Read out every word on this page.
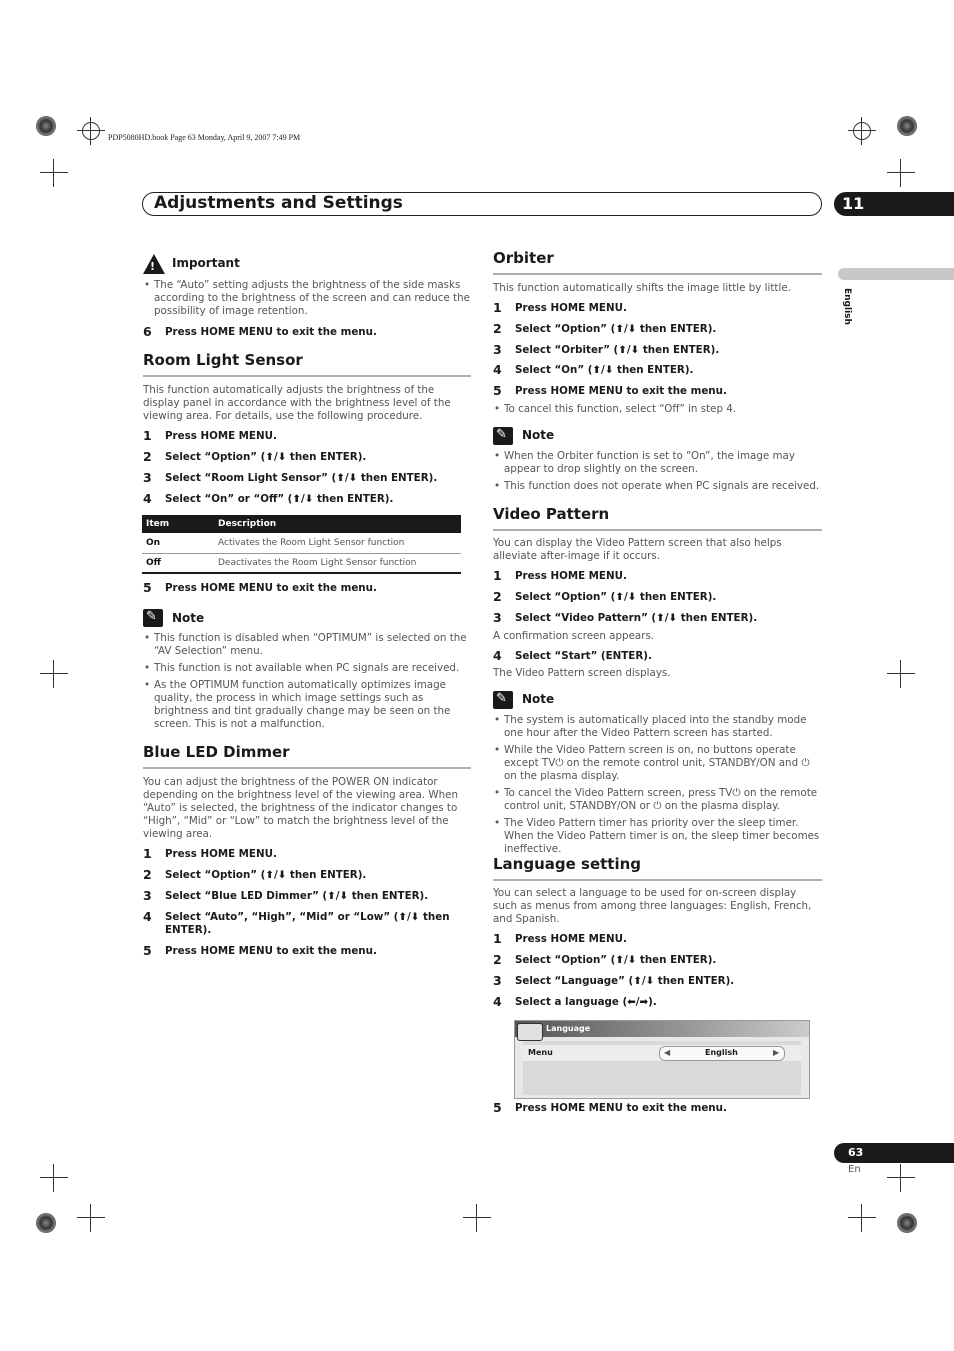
PDP5080HD.book Page 63 Monday, April 9, 2007 7:49 PM
Adjustments and Settings	11
English
! Important
• The “Auto” setting adjusts the brightness of the side masks according to the brightness of the screen and can reduce the possibility of image retention.
6 Press HOME MENU to exit the menu.
Room Light Sensor
This function automatically adjusts the brightness of the display panel in accordance with the brightness level of the viewing area. For details, use the following procedure.
1 Press HOME MENU.
2 Select “Option” (⬆/⬇ then ENTER).
3 Select “Room Light Sensor” (⬆/⬇ then ENTER).
4 Select “On” or “Off” (⬆/⬇ then ENTER).
Item	Description
On	Activates the Room Light Sensor function
Off	Deactivates the Room Light Sensor function
5 Press HOME MENU to exit the menu.
✎
Note
• This function is disabled when “OPTIMUM” is selected on the “AV Selection” menu.
• This function is not available when PC signals are received.
• As the OPTIMUM function automatically optimizes image quality, the process in which image settings such as brightness and tint gradually change may be seen on the screen. This is not a malfunction.
Blue LED Dimmer
You can adjust the brightness of the POWER ON indicator depending on the brightness level of the viewing area. When “Auto” is selected, the brightness of the indicator changes to “High”, “Mid” or “Low” to match the brightness level of the viewing area.
1 Press HOME MENU.
2 Select “Option” (⬆/⬇ then ENTER).
3 Select “Blue LED Dimmer” (⬆/⬇ then ENTER).
4 Select “Auto”, “High”, “Mid” or “Low” (⬆/⬇ then ENTER).
5 Press HOME MENU to exit the menu.
Orbiter
This function automatically shifts the image little by little.
1 Press HOME MENU.
2 Select “Option” (⬆/⬇ then ENTER).
3 Select “Orbiter” (⬆/⬇ then ENTER).
4 Select “On” (⬆/⬇ then ENTER).
5 Press HOME MENU to exit the menu.
• To cancel this function, select “Off” in step 4.
✎
Note
• When the Orbiter function is set to “On”, the image may appear to drop slightly on the screen.
• This function does not operate when PC signals are received.
Video Pattern
You can display the Video Pattern screen that also helps alleviate after-image if it occurs.
1 Press HOME MENU.
2 Select “Option” (⬆/⬇ then ENTER).
3 Select “Video Pattern” (⬆/⬇ then ENTER).
A confirmation screen appears.
4 Select “Start” (ENTER).
The Video Pattern screen displays.
✎
Note
• The system is automatically placed into the standby mode one hour after the Video Pattern screen has started.
• While the Video Pattern screen is on, no buttons operate except TV⏻ on the remote control unit, STANDBY/ON and ⏻ on the plasma display.
• To cancel the Video Pattern screen, press TV⏻ on the remote control unit, STANDBY/ON or ⏻ on the plasma display.
• The Video Pattern timer has priority over the sleep timer. When the Video Pattern timer is on, the sleep timer becomes ineffective.
Language setting
You can select a language to be used for on-screen display such as menus from among three languages: English, French, and Spanish.
1 Press HOME MENU.
2 Select “Option” (⬆/⬇ then ENTER).
3 Select “Language” (⬆/⬇ then ENTER).
4 Select a language (⬅/➡).
Language
Menu	◀	English	▶
5 Press HOME MENU to exit the menu.
63
En
